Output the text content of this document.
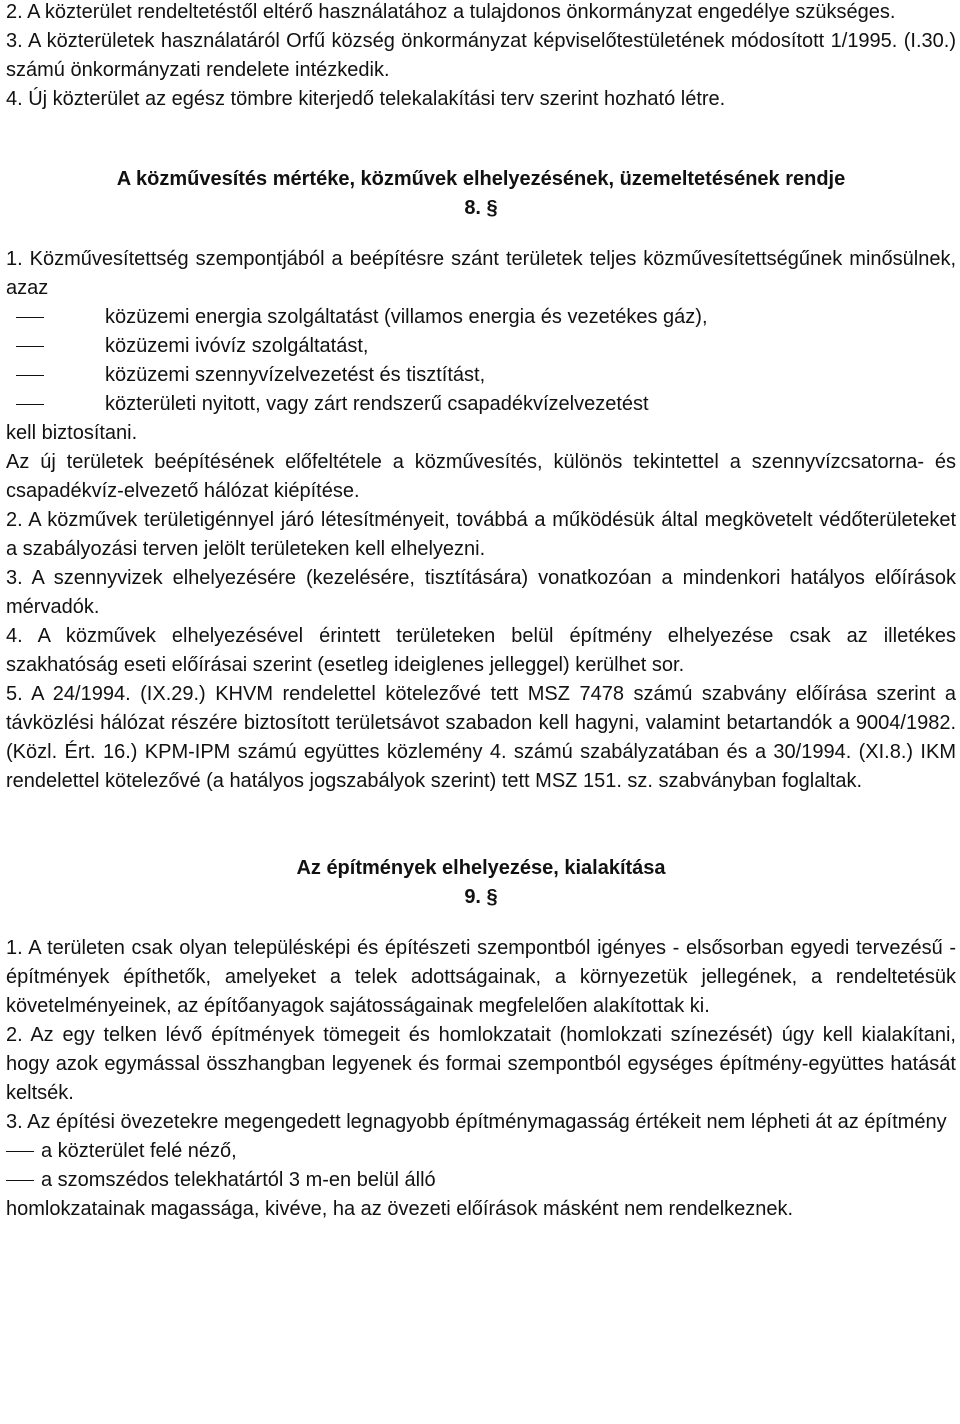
2. A közterület rendeltetéstől eltérő használatához a tulajdonos önkormányzat engedélye szükséges.

3. A közterületek használatáról Orfű község önkormányzat képviselőtestületének módosított 1/1995. (I.30.) számú önkormányzati rendelete intézkedik.

4. Új közterület az egész tömbre kiterjedő telekalakítási terv szerint hozható létre.

A közművesítés mértéke, közművek elhelyezésének, üzemeltetésének rendje
8. §

1. Közművesítettség szempontjából a beépítésre szánt területek teljes közművesítettségűnek minősülnek, azaz

közüzemi energia szolgáltatást (villamos energia és vezetékes gáz),
közüzemi ivóvíz szolgáltatást,
közüzemi szennyvízelvezetést és tisztítást,
közterületi nyitott, vagy zárt rendszerű csapadékvízelvezetést

kell biztosítani.

Az új területek beépítésének előfeltétele a közművesítés, különös tekintettel a szennyvízcsatorna- és csapadékvíz-elvezető hálózat kiépítése.

2. A közművek területigénnyel járó létesítményeit, továbbá a működésük által megkövetelt védőterületeket a szabályozási terven jelölt területeken kell elhelyezni.

3. A szennyvizek elhelyezésére (kezelésére, tisztítására) vonatkozóan a mindenkori hatályos előírások mérvadók.

4. A közművek elhelyezésével érintett területeken belül építmény elhelyezése csak az illetékes szakhatóság eseti előírásai szerint (esetleg ideiglenes jelleggel) kerülhet sor.

5. A 24/1994. (IX.29.) KHVM rendelettel kötelezővé tett MSZ 7478 számú szabvány előírása szerint a távközlési hálózat részére biztosított területsávot szabadon kell hagyni, valamint betartandók a 9004/1982. (Közl. Ért. 16.) KPM-IPM számú együttes közlemény 4. számú szabályzatában és a 30/1994. (XI.8.) IKM rendelettel kötelezővé (a hatályos jogszabályok szerint) tett MSZ 151. sz. szabványban foglaltak.

Az építmények elhelyezése, kialakítása
9. §

1. A területen csak olyan településképi és építészeti szempontból igényes - elsősorban egyedi tervezésű - építmények építhetők, amelyeket a telek adottságainak, a környezetük jellegének, a rendeltetésük követelményeinek, az építőanyagok sajátosságainak megfelelően alakítottak ki.

2. Az egy telken lévő építmények tömegeit és homlokzatait (homlokzati színezését) úgy kell kialakítani, hogy azok egymással összhangban legyenek és formai szempontból egységes építmény-együttes hatását keltsék.

3. Az építési övezetekre megengedett legnagyobb építménymagasság értékeit nem lépheti át az építmény

a közterület felé néző,
a szomszédos telekhatártól 3 m-en belül álló

homlokzatainak magassága, kivéve, ha az övezeti előírások másként nem rendelkeznek.
